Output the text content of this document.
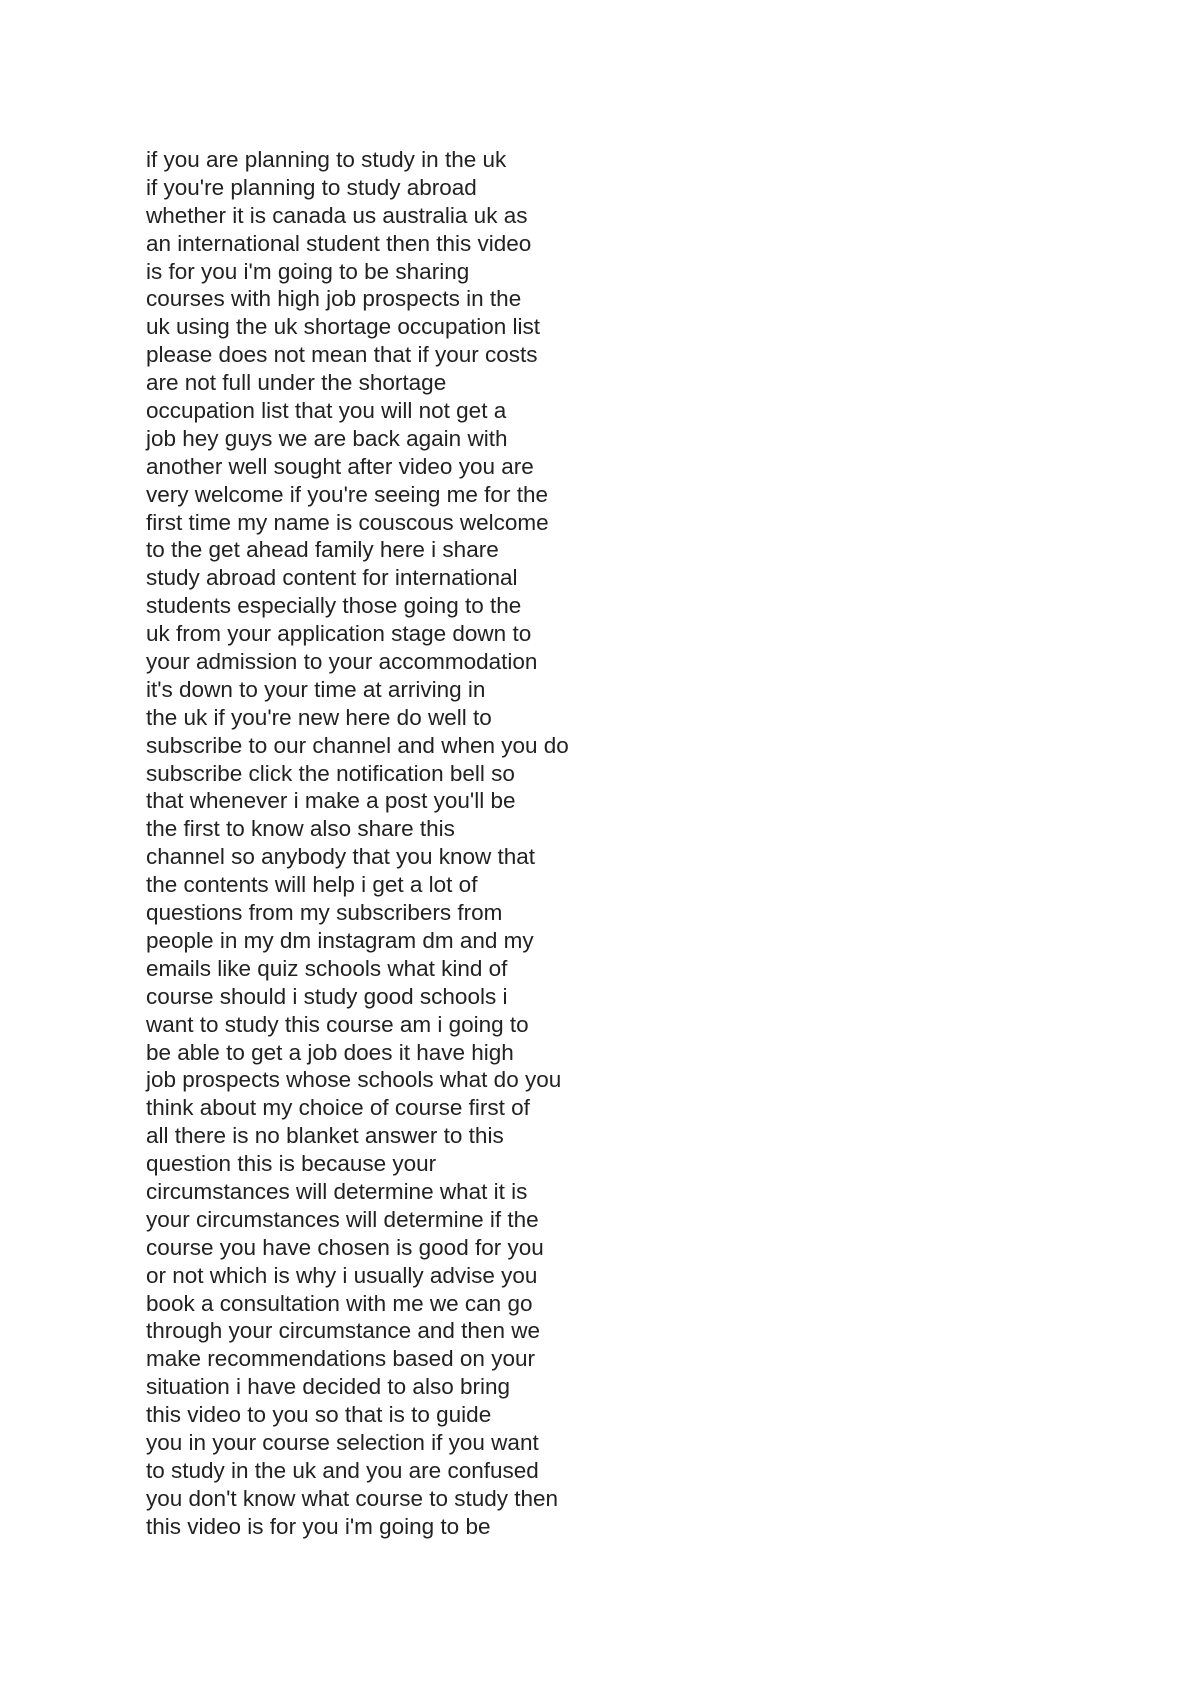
if you are planning to study in the uk
if you're planning to study abroad
whether it is canada us australia uk as
an international student then this video
is for you i'm going to be sharing
courses with high job prospects in the
uk using the uk shortage occupation list
please does not mean that if your costs
are not full under the shortage
occupation list that you will not get a
job hey guys we are back again with
another well sought after video you are
very welcome if you're seeing me for the
first time my name is couscous welcome
to the get ahead family here i share
study abroad content for international
students especially those going to the
uk from your application stage down to
your admission to your accommodation
it's down to your time at arriving in
the uk if you're new here do well to
subscribe to our channel and when you do
subscribe click the notification bell so
that whenever i make a post you'll be
the first to know also share this
channel so anybody that you know that
the contents will help i get a lot of
questions from my subscribers from
people in my dm instagram dm and my
emails like quiz schools what kind of
course should i study good schools i
want to study this course am i going to
be able to get a job does it have high
job prospects whose schools what do you
think about my choice of course first of
all there is no blanket answer to this
question this is because your
circumstances will determine what it is
your circumstances will determine if the
course you have chosen is good for you
or not which is why i usually advise you
book a consultation with me we can go
through your circumstance and then we
make recommendations based on your
situation i have decided to also bring
this video to you so that is to guide
you in your course selection if you want
to study in the uk and you are confused
you don't know what course to study then
this video is for you i'm going to be
